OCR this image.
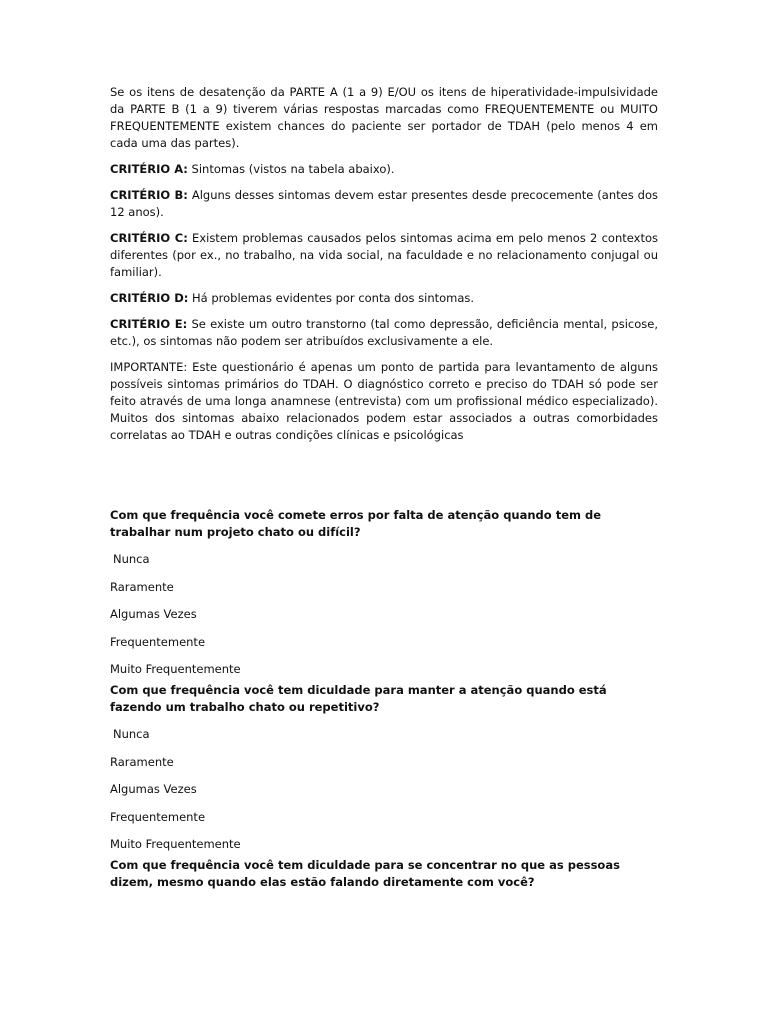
Se os itens de desatenção da PARTE A (1 a 9) E/OU os itens de hiperatividade-impulsividade da PARTE B (1 a 9) tiverem várias respostas marcadas como FREQUENTEMENTE ou MUITO FREQUENTEMENTE existem chances do paciente ser portador de TDAH (pelo menos 4 em cada uma das partes).

CRITÉRIO A: Sintomas (vistos na tabela abaixo).

CRITÉRIO B: Alguns desses sintomas devem estar presentes desde precocemente (antes dos 12 anos).

CRITÉRIO C: Existem problemas causados pelos sintomas acima em pelo menos 2 contextos diferentes (por ex., no trabalho, na vida social, na faculdade e no relacionamento conjugal ou familiar).

CRITÉRIO D: Há problemas evidentes por conta dos sintomas.

CRITÉRIO E: Se existe um outro transtorno (tal como depressão, deficiência mental, psicose, etc.), os sintomas não podem ser atribuídos exclusivamente a ele.

IMPORTANTE: Este questionário é apenas um ponto de partida para levantamento de alguns possíveis sintomas primários do TDAH. O diagnóstico correto e preciso do TDAH só pode ser feito através de uma longa anamnese (entrevista) com um profissional médico especializado). Muitos dos sintomas abaixo relacionados podem estar associados a outras comorbidades correlatas ao TDAH e outras condições clínicas e psicológicas

Com que frequência você comete erros por falta de atenção quando tem de trabalhar num projeto chato ou difícil?

Nunca

Raramente

Algumas Vezes

Frequentemente

Muito Frequentemente

Com que frequência você tem diculdade para manter a atenção quando está fazendo um trabalho chato ou repetitivo?

Nunca

Raramente

Algumas Vezes

Frequentemente

Muito Frequentemente

Com que frequência você tem diculdade para se concentrar no que as pessoas dizem, mesmo quando elas estão falando diretamente com você?
